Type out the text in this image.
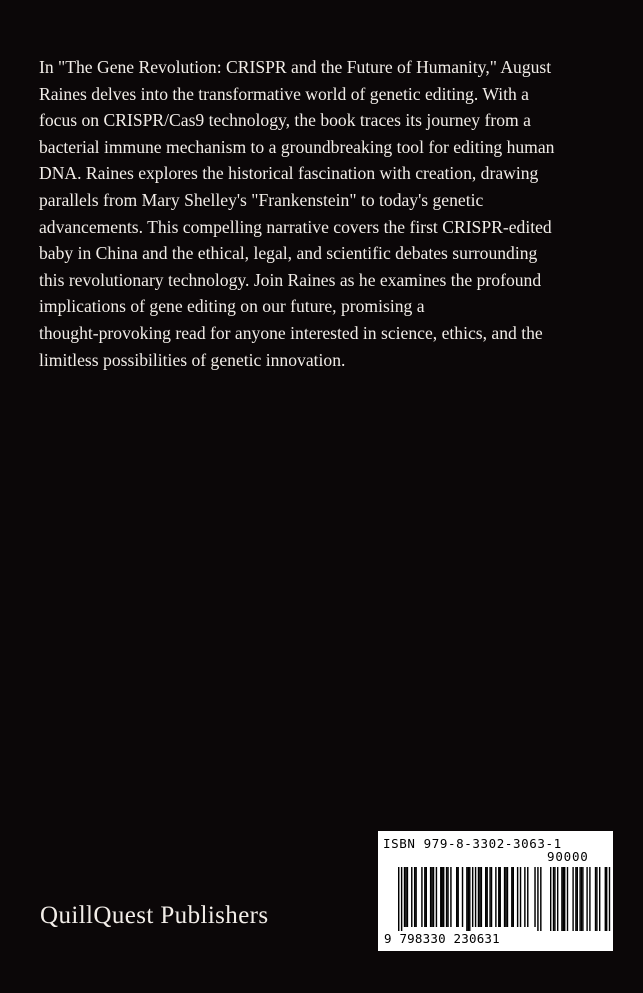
In "The Gene Revolution: CRISPR and the Future of Humanity," August
Raines delves into the transformative world of genetic editing. With a
focus on CRISPR/Cas9 technology, the book traces its journey from a
bacterial immune mechanism to a groundbreaking tool for editing human
DNA. Raines explores the historical fascination with creation, drawing
parallels from Mary Shelley's "Frankenstein" to today's genetic
advancements. This compelling narrative covers the first CRISPR-edited
baby in China and the ethical, legal, and scientific debates surrounding
this revolutionary technology. Join Raines as he examines the profound
implications of gene editing on our future, promising a
thought-provoking read for anyone interested in science, ethics, and the
limitless possibilities of genetic innovation.

QuillQuest Publishers
ISBN 979-8-3302-3063-1
90000
9 798330 230631
